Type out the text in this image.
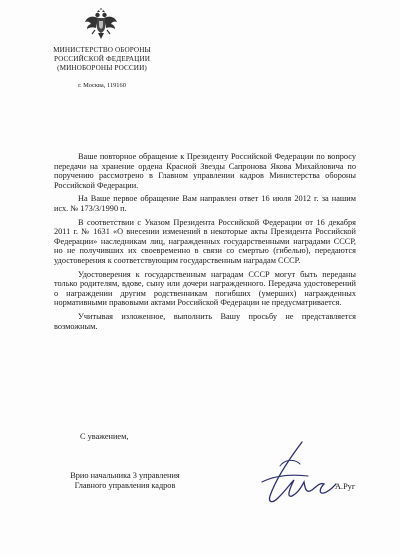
МИНИСТЕРСТВО ОБОРОНЫ
РОССИЙСКОЙ ФЕДЕРАЦИИ
(МИНОБОРОНЫ РОССИИ)
г. Москва, 119160

Ваше повторное обращение к Президенту Российской Федерации по вопросу передачи на хранение ордена Красной Звезды Сапронова Якова Михайловича по поручению рассмотрено в Главном управлении кадров Министерства обороны Российской Федерации.

На Ваше первое обращение Вам направлен ответ 16 июля 2012 г. за нашим исх. № 173/3/1990 п.

В соответствии с Указом Президента Российской Федерации от 16 декабря 2011 г. № 1631 «О внесении изменений в некоторые акты Президента Российской Федерации» наследникам лиц, награжденных государственными наградами СССР, но не получивших их своевременно в связи со смертью (гибелью), передаются удостоверения к соответствующим государственным наградам СССР.

Удостоверения к государственным наградам СССР могут быть переданы только родителям, вдове, сыну или дочери награжденного. Передача удостоверений о награждении другим родственникам погибших (умерших) награжденных нормативными правовыми актами Российской Федерации не предусматривается.

Учитывая изложенное, выполнить Вашу просьбу не представляется возможным.

С уважением,
Врио начальника 3 управления
Главного управления кадров	А.Руг
